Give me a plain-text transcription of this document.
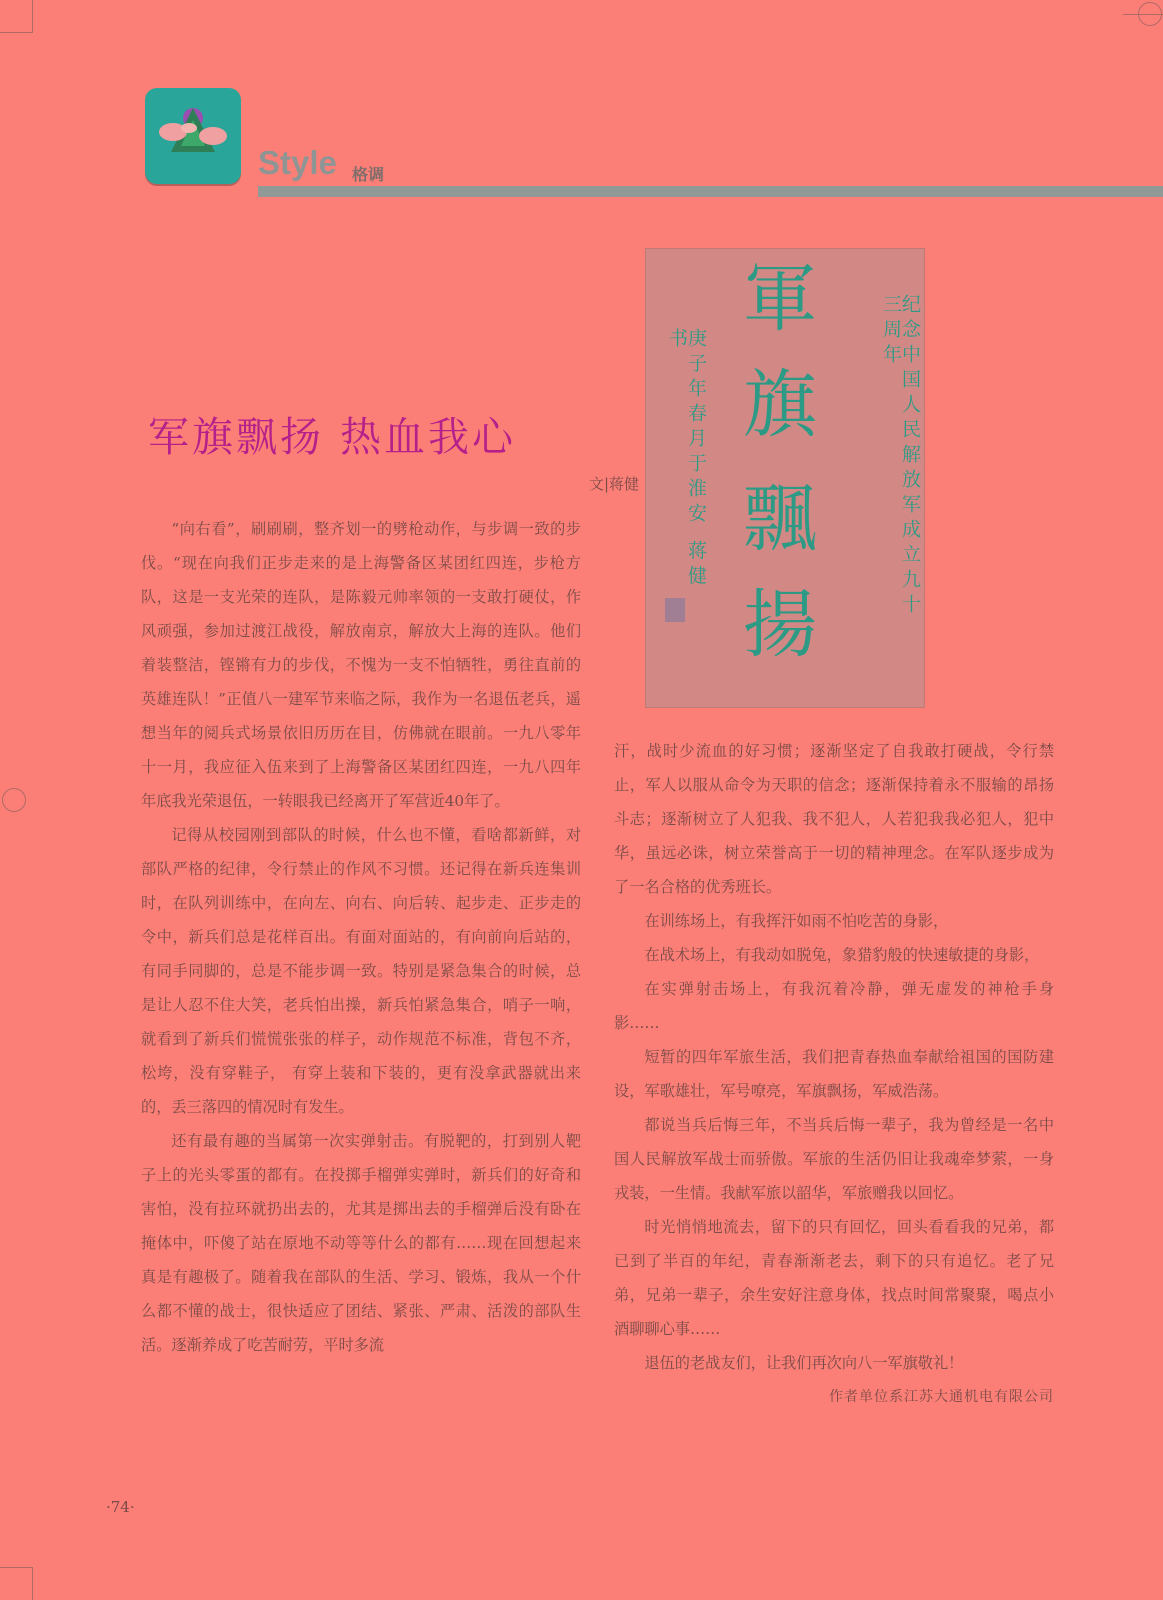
Style 格调
軍
旗
飄
揚
纪念中国人民解放军成立九十三周年
庚子年春月于淮安 蒋健书
军旗飘扬 热血我心
文|蒋健

“向右看”，刷刷刷，整齐划一的劈枪动作，与步调一致的步伐。“现在向我们正步走来的是上海警备区某团红四连，步枪方队，这是一支光荣的连队，是陈毅元帅率领的一支敢打硬仗，作风顽强，参加过渡江战役，解放南京，解放大上海的连队。他们着装整洁，铿锵有力的步伐，不愧为一支不怕牺牲，勇往直前的英雄连队！”正值八一建军节来临之际，我作为一名退伍老兵，遥想当年的阅兵式场景依旧历历在目，仿佛就在眼前。一九八零年十一月，我应征入伍来到了上海警备区某团红四连，一九八四年年底我光荣退伍，一转眼我已经离开了军营近40年了。

记得从校园刚到部队的时候，什么也不懂，看啥都新鲜，对部队严格的纪律，令行禁止的作风不习惯。还记得在新兵连集训时，在队列训练中，在向左、向右、向后转、起步走、正步走的令中，新兵们总是花样百出。有面对面站的，有向前向后站的，有同手同脚的，总是不能步调一致。特别是紧急集合的时候，总是让人忍不住大笑，老兵怕出操，新兵怕紧急集合，哨子一响，就看到了新兵们慌慌张张的样子，动作规范不标准，背包不齐，松垮，没有穿鞋子， 有穿上装和下装的，更有没拿武器就出来的，丢三落四的情况时有发生。

还有最有趣的当属第一次实弹射击。有脱靶的，打到别人靶子上的光头零蛋的都有。在投掷手榴弹实弹时，新兵们的好奇和害怕，没有拉环就扔出去的，尤其是掷出去的手榴弹后没有卧在掩体中，吓傻了站在原地不动等等什么的都有……现在回想起来真是有趣极了。随着我在部队的生活、学习、锻炼，我从一个什么都不懂的战士，很快适应了团结、紧张、严肃、活泼的部队生活。逐渐养成了吃苦耐劳，平时多流

汗，战时少流血的好习惯；逐渐坚定了自我敢打硬战，令行禁止，军人以服从命令为天职的信念；逐渐保持着永不服输的昂扬斗志；逐渐树立了人犯我、我不犯人，人若犯我我必犯人，犯中华，虽远必诛，树立荣誉高于一切的精神理念。在军队逐步成为了一名合格的优秀班长。

在训练场上，有我挥汗如雨不怕吃苦的身影，

在战术场上，有我动如脱兔，象猎豹般的快速敏捷的身影，

在实弹射击场上，有我沉着冷静，弹无虚发的神枪手身影……

短暂的四年军旅生活，我们把青春热血奉献给祖国的国防建设，军歌雄壮，军号嘹亮，军旗飘扬，军威浩荡。

都说当兵后悔三年，不当兵后悔一辈子，我为曾经是一名中国人民解放军战士而骄傲。军旅的生活仍旧让我魂牵梦萦，一身戎装，一生情。我献军旅以韶华，军旅赠我以回忆。

时光悄悄地流去，留下的只有回忆，回头看看我的兄弟，都已到了半百的年纪，青春渐渐老去，剩下的只有追忆。老了兄弟，兄弟一辈子，余生安好注意身体，找点时间常聚聚，喝点小酒聊聊心事……

退伍的老战友们，让我们再次向八一军旗敬礼！

作者单位系江苏大通机电有限公司
·74·
